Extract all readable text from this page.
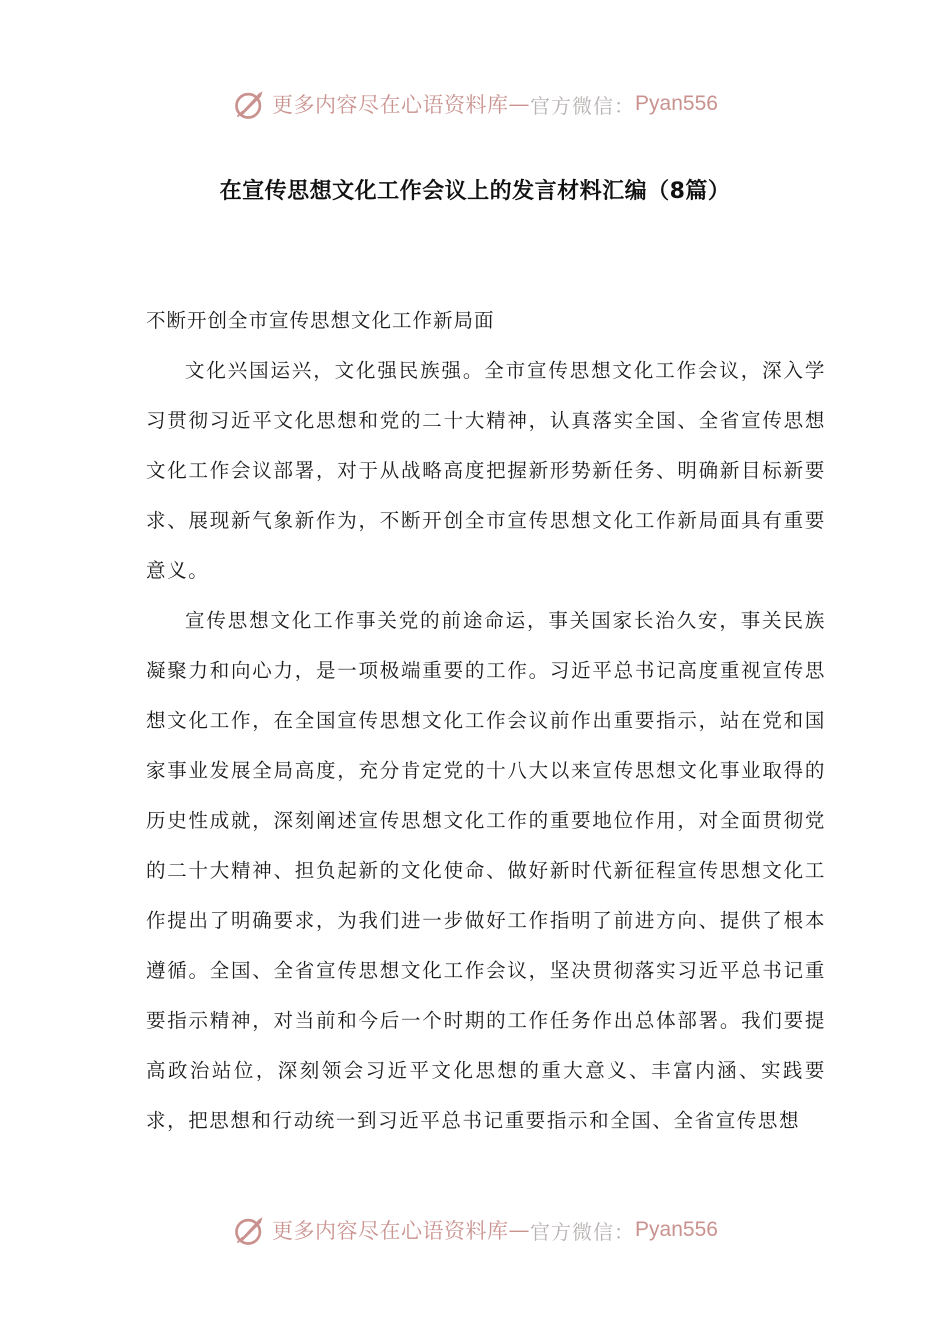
更多内容尽在心语资料库 — 官方微信： Pyan556
在宣传思想文化工作会议上的发言材料汇编（8篇）

不断开创全市宣传思想文化工作新局面

文化兴国运兴，文化强民族强。全市宣传思想文化工作会议，深入学习贯彻习近平文化思想和党的二十大精神，认真落实全国、全省宣传思想文化工作会议部署，对于从战略高度把握新形势新任务、明确新目标新要求、展现新气象新作为，不断开创全市宣传思想文化工作新局面具有重要意义。

宣传思想文化工作事关党的前途命运，事关国家长治久安，事关民族凝聚力和向心力，是一项极端重要的工作。习近平总书记高度重视宣传思想文化工作，在全国宣传思想文化工作会议前作出重要指示，站在党和国家事业发展全局高度，充分肯定党的十八大以来宣传思想文化事业取得的历史性成就，深刻阐述宣传思想文化工作的重要地位作用，对全面贯彻党的二十大精神、担负起新的文化使命、做好新时代新征程宣传思想文化工作提出了明确要求，为我们进一步做好工作指明了前进方向、提供了根本遵循。全国、全省宣传思想文化工作会议，坚决贯彻落实习近平总书记重要指示精神，对当前和今后一个时期的工作任务作出总体部署。我们要提高政治站位，深刻领会习近平文化思想的重大意义、丰富内涵、实践要求，把思想和行动统一到习近平总书记重要指示和全国、全省宣传思想

更多内容尽在心语资料库 — 官方微信： Pyan556
